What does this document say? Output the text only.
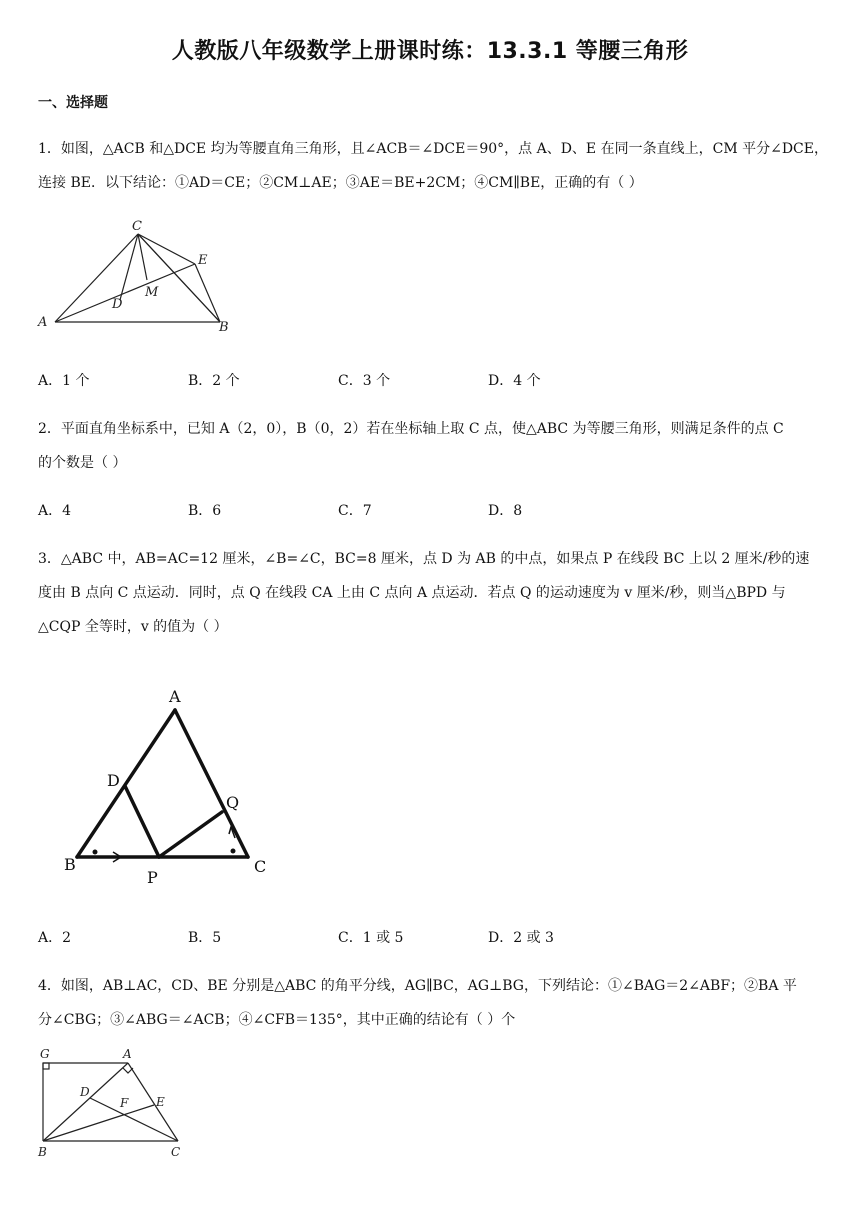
人教版八年级数学上册课时练：13.3.1 等腰三角形
一、选择题
1．如图，△ACB 和△DCE 均为等腰直角三角形，且∠ACB＝∠DCE＝90°，点 A、D、E 在同一条直线上，CM 平分∠DCE，
连接 BE．以下结论：①AD＝CE；②CM⊥AE；③AE＝BE+2CM；④CM∥BE，正确的有（ ）
C
E
M
D
A	B
A．1 个	B．2 个	C．3 个	D．4 个
2．平面直角坐标系中，已知 A（2，0），B（0，2）若在坐标轴上取 C 点，使△ABC 为等腰三角形，则满足条件的点 C
的个数是（ ）
A．4	B．6	C．7	D．8
3．△ABC 中，AB=AC=12 厘米，∠B=∠C，BC=8 厘米，点 D 为 AB 的中点，如果点 P 在线段 BC 上以 2 厘米/秒的速
度由 B 点向 C 点运动．同时，点 Q 在线段 CA 上由 C 点向 A 点运动．若点 Q 的运动速度为 v 厘米/秒，则当△BPD 与
△CQP 全等时，v 的值为（ ）
A
D
Q
B
P
C
A．2	B．5	C．1 或 5	D．2 或 3
4．如图，AB⊥AC，CD、BE 分别是△ABC 的角平分线，AG∥BC，AG⊥BG，下列结论：①∠BAG＝2∠ABF；②BA 平
分∠CBG；③∠ABG＝∠ACB；④∠CFB＝135°，其中正确的结论有（ ）个
G	A
D
E
F
B	C
